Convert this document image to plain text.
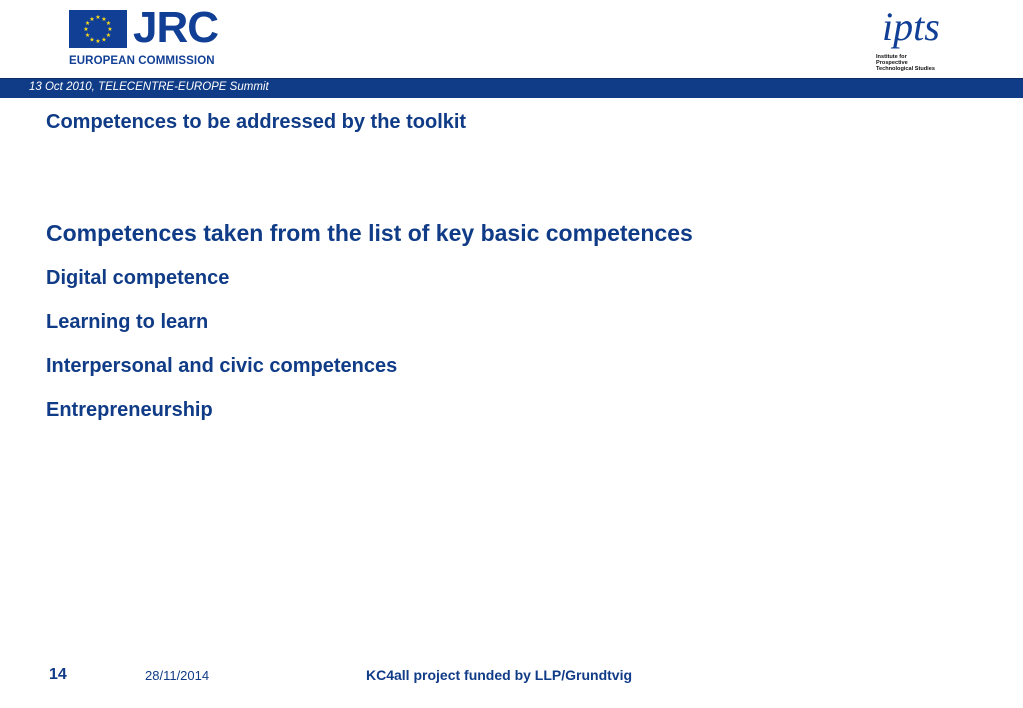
★ ★
★
★
★
★
★
★
★
★
★
★ JRC
EUROPEAN COMMISSION
ipts
Institute for
Prospective
Technological Studies
13 Oct 2010, TELECENTRE-EUROPE Summit
Competences to be addressed by the toolkit
Competences taken from the list of key basic competences
Digital competence
Learning to learn
Interpersonal and civic competences
Entrepreneurship
14	28/11/2014	KC4all project funded by LLP/Grundtvig
